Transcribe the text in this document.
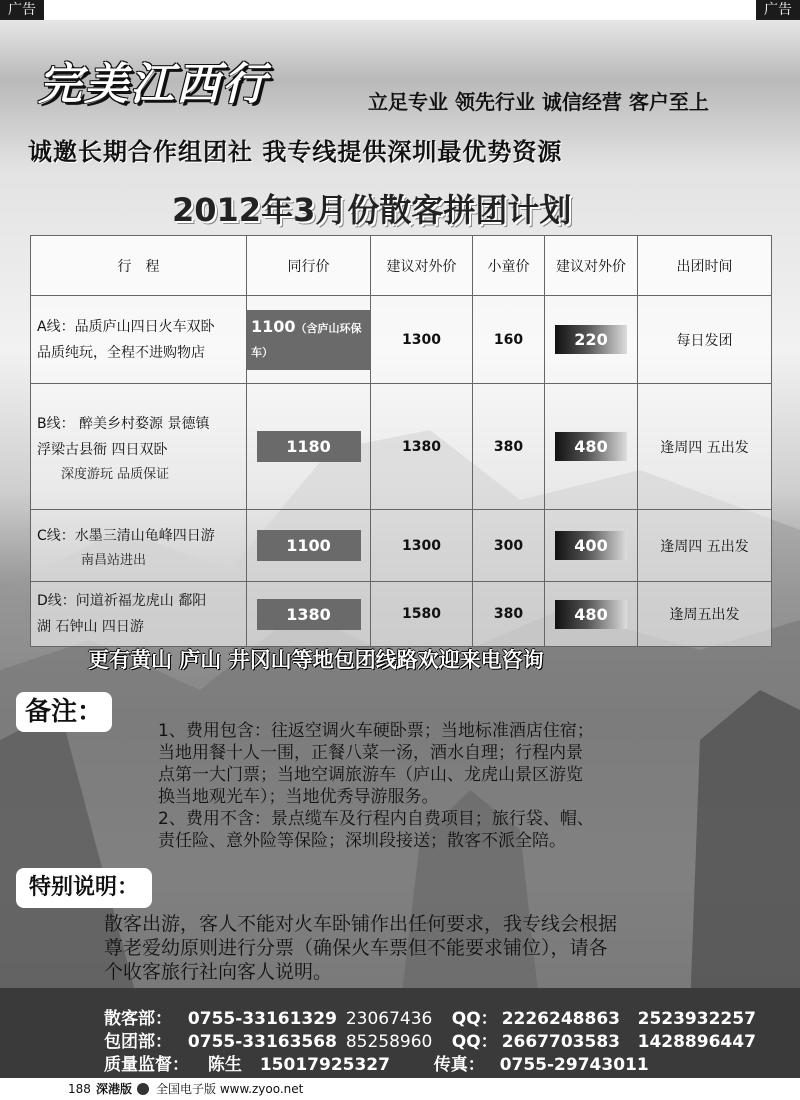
广告	广告
完美江西行	立足专业 领先行业 诚信经营 客户至上
诚邀长期合作组团社 我专线提供深圳最优势资源
2012年3月份散客拼团计划
行　程	同行价	建议对外价	小童价	建议对外价	出团时间

A线：品质庐山四日火车双卧
品质纯玩，全程不进购物店	1100（含庐山环保车）	1300	160	220	每日发团

B线： 醉美乡村婺源 景德镇
浮梁古县衙 四日双卧
深度游玩 品质保证	1180	1380	380	480	逢周四 五出发

C线：水墨三清山龟峰四日游
南昌站进出	1100	1300	300	400	逢周四 五出发

D线：问道祈福龙虎山 鄱阳
湖 石钟山 四日游	1380	1580	380	480	逢周五出发
更有黄山 庐山 井冈山等地包团线路欢迎来电咨询
备注：

1、费用包含：往返空调火车硬卧票；当地标准酒店住宿；

当地用餐十人一围，正餐八菜一汤，酒水自理；行程内景

点第一大门票；当地空调旅游车（庐山、龙虎山景区游览

换当地观光车）；当地优秀导游服务。

2、费用不含：景点缆车及行程内自费项目；旅行袋、帽、

责任险、意外险等保险；深圳段接送；散客不派全陪。

特别说明：

散客出游，客人不能对火车卧铺作出任何要求，我专线会根据

尊老爱幼原则进行分票（确保火车票但不能要求铺位），请各

个收客旅行社向客人说明。

散客部： 0755-33161329 23067436 QQ： 2226248863 2523932257
包团部： 0755-33163568 85258960 QQ： 2667703583 1428896447
质量监督： 陈生 15017925327	传真： 0755-29743011
188 深港版 全国电子版 www.zyoo.net
